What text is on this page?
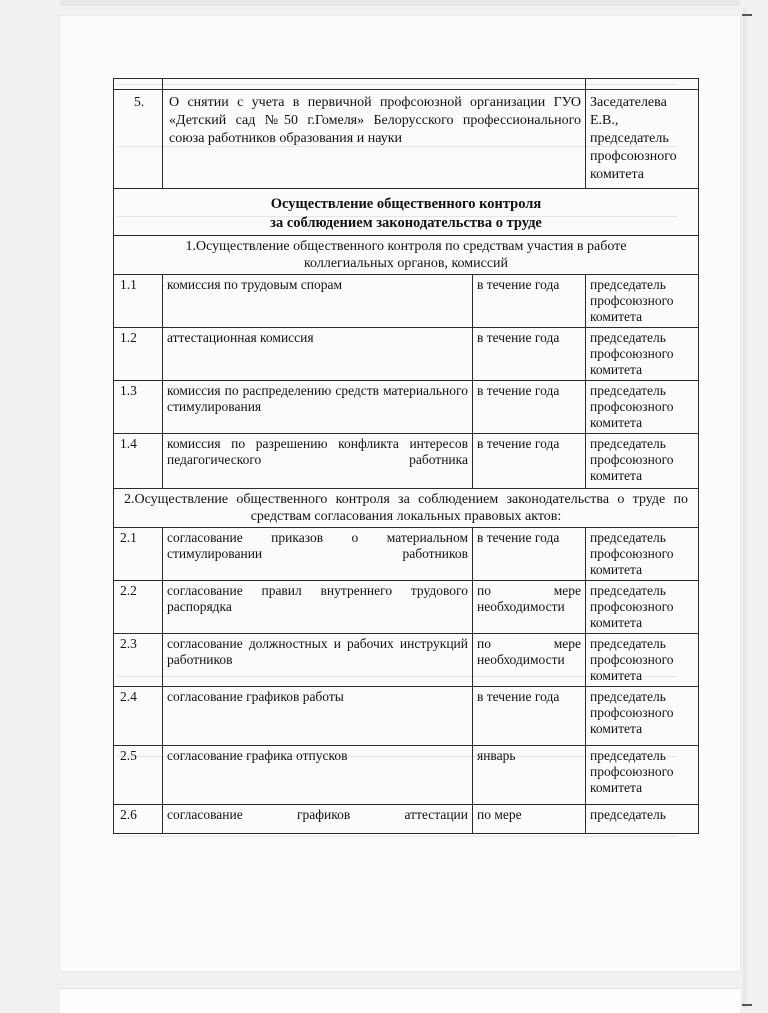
5.	О снятии с учета в первичной профсоюзной организации ГУО «Детский сад №50 г.Гомеля» Белорусского профессионального союза работников образования и науки		Заседателева Е.В., председатель профсоюзного комитета

Осуществление общественного контроля
за соблюдением законодательства о труде			

1.Осуществление общественного контроля по средствам участия в работе коллегиальных органов, комиссий			
1.1	комиссия по трудовым спорам	в течение года	председатель профсоюзного комитета
1.2	аттестационная комиссия	в течение года	председатель профсоюзного комитета
1.3	комиссия по распределению средств материального стимулирования	в течение года	председатель профсоюзного комитета
1.4	комиссия по разрешению конфликта интересов педагогического работника	в течение года	председатель профсоюзного комитета
2.Осуществление общественного контроля за соблюдением законодательства о труде по средствам согласования локальных правовых актов:			
2.1	согласование приказов о материальном стимулировании работников	в течение года	председатель профсоюзного комитета
2.2	согласование правил внутреннего трудового распорядка	по мере необходимости	председатель профсоюзного комитета
2.3	согласование должностных и рабочих инструкций работников	по мере необходимости	председатель профсоюзного комитета
2.4	согласование графиков работы	в течение года	председатель профсоюзного комитета
2.5	согласование графика отпусков	январь	председатель профсоюзного комитета
2.6	согласование графиков аттестации	по мере	председатель
